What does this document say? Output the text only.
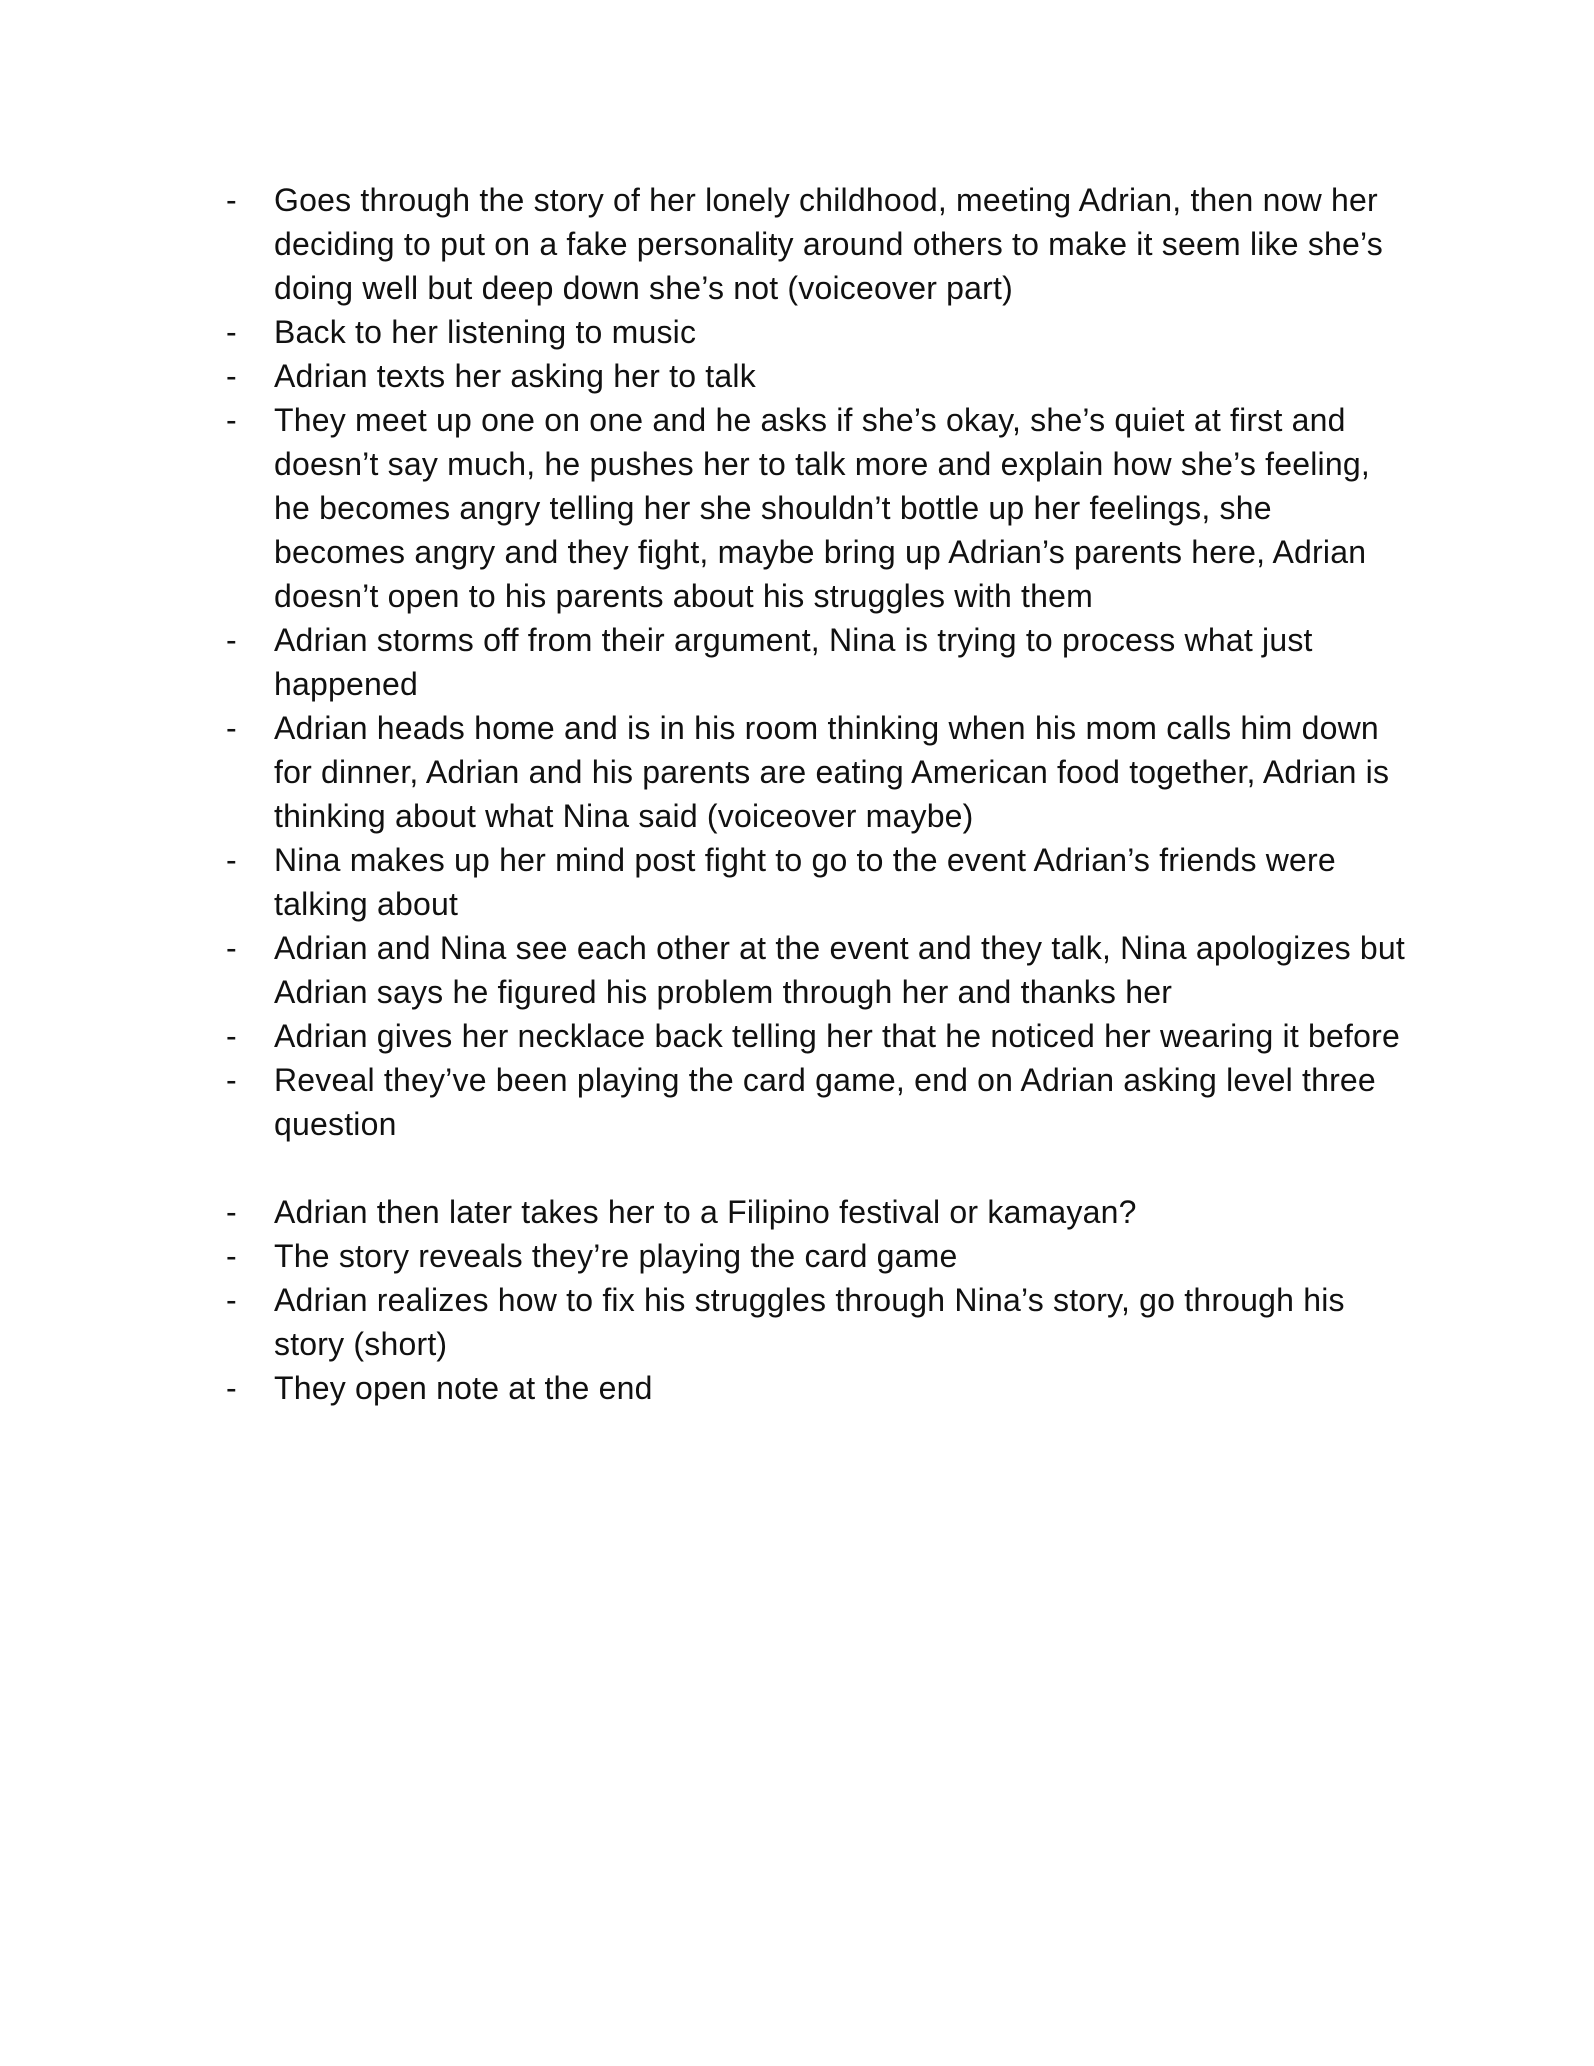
-	Goes through the story of her lonely childhood, meeting Adrian, then now her deciding to put on a fake personality around others to make it seem like she’s doing well but deep down she’s not (voiceover part)
-	Back to her listening to music
-	Adrian texts her asking her to talk
-	They meet up one on one and he asks if she’s okay, she’s quiet at first and doesn’t say much, he pushes her to talk more and explain how she’s feeling, he becomes angry telling her she shouldn’t bottle up her feelings, she becomes angry and they fight, maybe bring up Adrian’s parents here, Adrian doesn’t open to his parents about his struggles with them
-	Adrian storms off from their argument, Nina is trying to process what just happened
-	Adrian heads home and is in his room thinking when his mom calls him down for dinner, Adrian and his parents are eating American food together, Adrian is thinking about what Nina said (voiceover maybe)
-	Nina makes up her mind post fight to go to the event Adrian’s friends were talking about
-	Adrian and Nina see each other at the event and they talk, Nina apologizes but Adrian says he figured his problem through her and thanks her
-	Adrian gives her necklace back telling her that he noticed her wearing it before
-	Reveal they’ve been playing the card game, end on Adrian asking level three question
-	Adrian then later takes her to a Filipino festival or kamayan?
-	The story reveals they’re playing the card game
-	Adrian realizes how to fix his struggles through Nina’s story, go through his story (short)
-	They open note at the end
